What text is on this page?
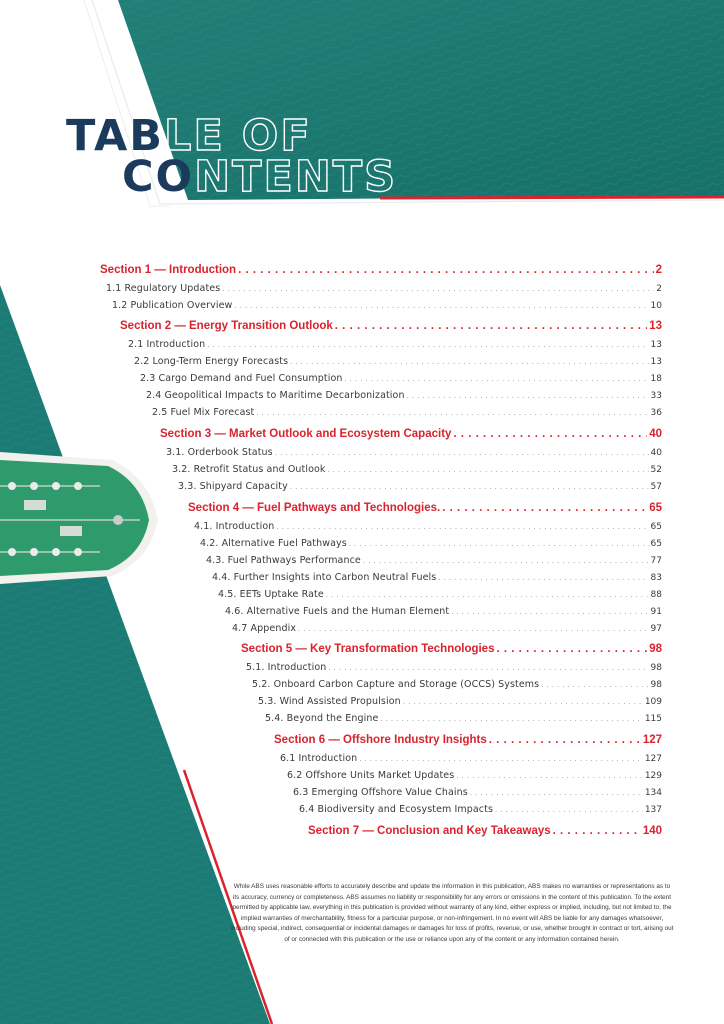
TABLE OF
CONTENTS
Section 1 — Introduction . . .	2
1.1 Regulatory Updates . . .	2
1.2 Publication Overview . . .	10
Section 2 — Energy Transition Outlook . . .	13
2.1 Introduction . . .	13
2.2 Long-Term Energy Forecasts . . .	13
2.3 Cargo Demand and Fuel Consumption . . .	18
2.4 Geopolitical Impacts to Maritime Decarbonization . . .	33
2.5 Fuel Mix Forecast . . .	36
Section 3 — Market Outlook and Ecosystem Capacity . . .	40
3.1. Orderbook Status . . .	40
3.2. Retrofit Status and Outlook . . .	52
3.3. Shipyard Capacity . . .	57
Section 4 — Fuel Pathways and Technologies. . . .	65
4.1. Introduction . . .	65
4.2. Alternative Fuel Pathways . . .	65
4.3. Fuel Pathways Performance . . .	77
4.4. Further Insights into Carbon Neutral Fuels . . .	83
4.5. EETs Uptake Rate . . .	88
4.6. Alternative Fuels and the Human Element . . .	91
4.7 Appendix . . .	97
Section 5 — Key Transformation Technologies . . .	98
5.1. Introduction . . .	98
5.2. Onboard Carbon Capture and Storage (OCCS) Systems . . .	98
5.3. Wind Assisted Propulsion . . .	109
5.4. Beyond the Engine . . .	115
Section 6 — Offshore Industry Insights . . .	127
6.1 Introduction . . .	127
6.2 Offshore Units Market Updates . . .	129
6.3 Emerging Offshore Value Chains . . .	134
6.4 Biodiversity and Ecosystem Impacts . . .	137
Section 7 — Conclusion and Key Takeaways . . .	140
While ABS uses reasonable efforts to accurately describe and update the information in this publication, ABS makes no warranties or representations as to its accuracy, currency or completeness. ABS assumes no liability or responsibility for any errors or omissions in the content of this publication. To the extent permitted by applicable law, everything in this publication is provided without warranty of any kind, either express or implied, including, but not limited to, the implied warranties of merchantability, fitness for a particular purpose, or non-infringement. In no event will ABS be liable for any damages whatsoever, including special, indirect, consequential or incidental damages or damages for loss of profits, revenue, or use, whether brought in contract or tort, arising out of or connected with this publication or the use or reliance upon any of the content or any information contained herein.
